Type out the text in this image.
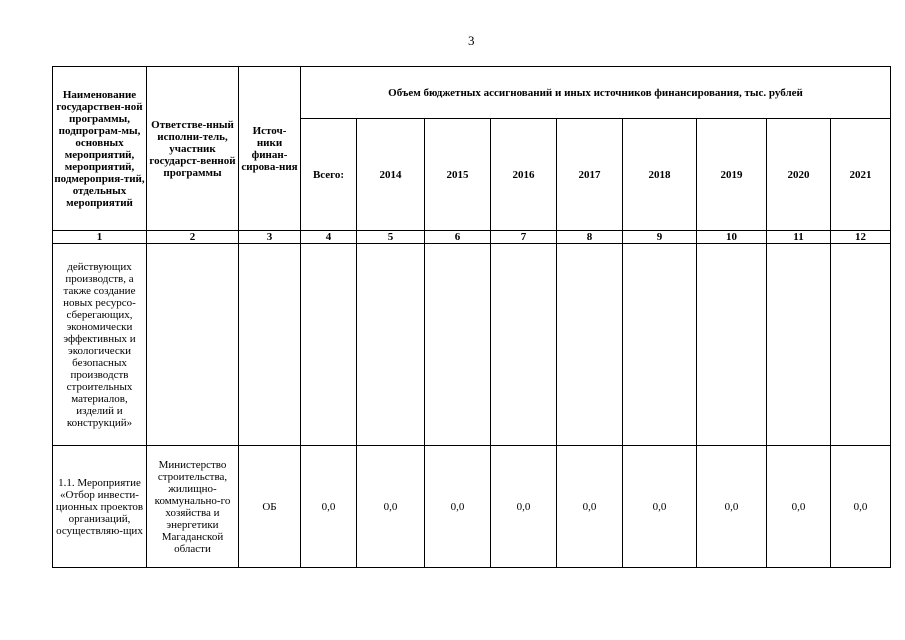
3
Наименование государствен-ной программы, подпрограм-мы, основных мероприятий, мероприятий, подмероприя-тий, отдельных мероприятий	Ответстве-нный исполни-тель, участник государст-венной программы	Источ-ники финан-сирова-ния	Объем бюджетных ассигнований и иных источников финансирования, тыс. рублей								
			Всего:	2014	2015	2016	2017	2018	2019	2020	2021
1	2	3	4	5	6	7	8	9	10	11	12
действующих производств, а также создание новых ресурсо-сберегающих, экономически эффективных и экологически безопасных производств строительных материалов, изделий и конструкций»											
1.1. Мероприятие «Отбор инвести-ционных проектов организаций, осуществляю-щих	Министерство строительства, жилищно-коммунально-го хозяйства и энергетики Магаданской области	ОБ	0,0	0,0	0,0	0,0	0,0	0,0	0,0	0,0	0,0
